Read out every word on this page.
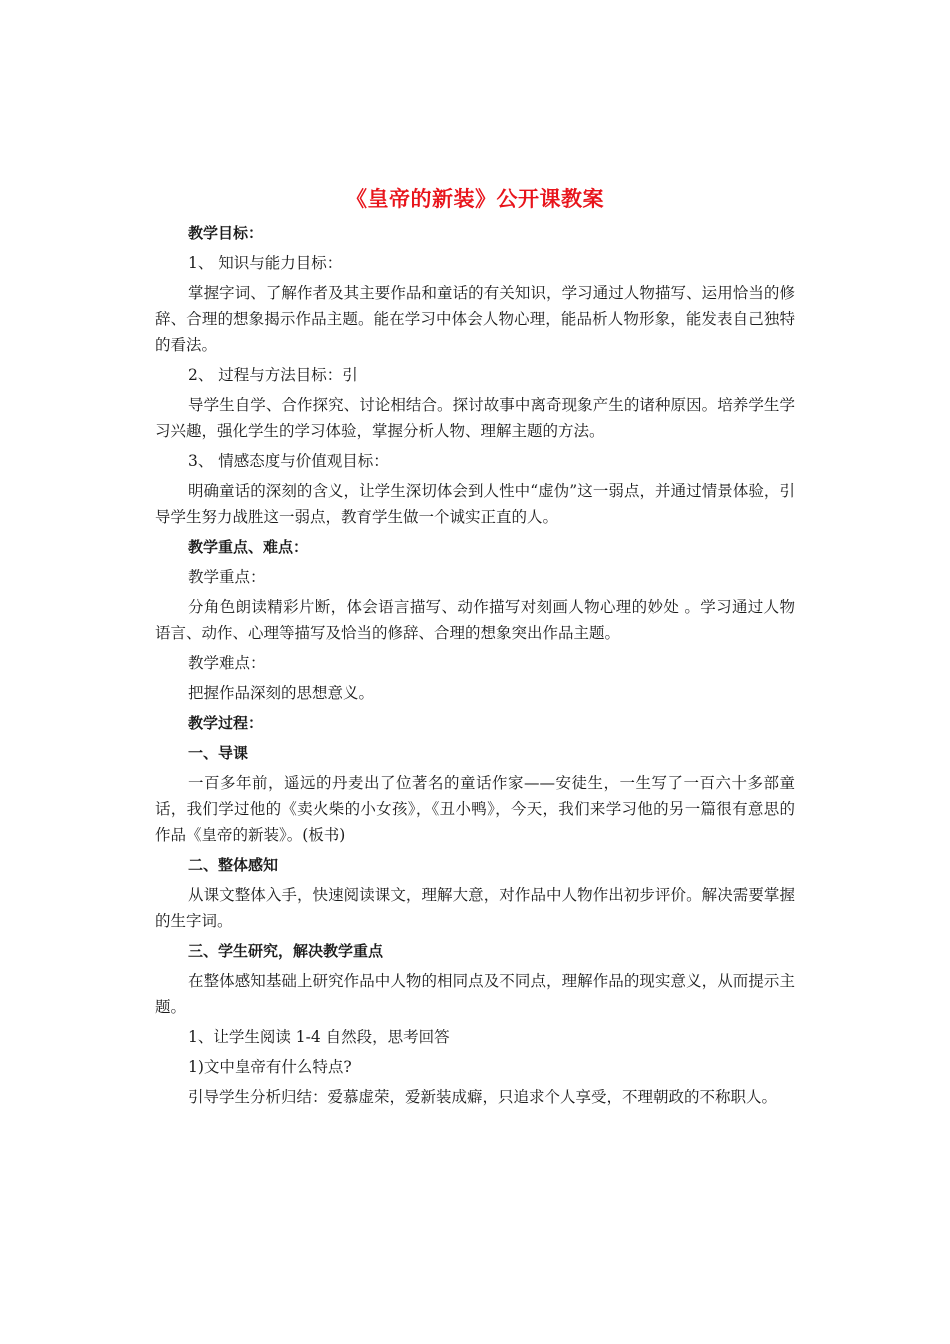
《皇帝的新装》公开课教案
教学目标：
1、 知识与能力目标：

掌握字词、了解作者及其主要作品和童话的有关知识，学习通过人物描写、运用恰当的修辞、合理的想象揭示作品主题。能在学习中体会人物心理，能品析人物形象，能发表自己独特的看法。

2、 过程与方法目标：引

导学生自学、合作探究、讨论相结合。探讨故事中离奇现象产生的诸种原因。培养学生学习兴趣，强化学生的学习体验，掌握分析人物、理解主题的方法。

3、 情感态度与价值观目标：

明确童话的深刻的含义，让学生深切体会到人性中“虚伪”这一弱点，并通过情景体验，引导学生努力战胜这一弱点，教育学生做一个诚实正直的人。

教学重点、难点：
教学重点：

分角色朗读精彩片断，体会语言描写、动作描写对刻画人物心理的妙处 。学习通过人物语言、动作、心理等描写及恰当的修辞、合理的想象突出作品主题。

教学难点：

把握作品深刻的思想意义。

教学过程：
一、导课

一百多年前，遥远的丹麦出了位著名的童话作家——安徒生，一生写了一百六十多部童话，我们学过他的《卖火柴的小女孩》，《丑小鸭》，今天，我们来学习他的另一篇很有意思的作品《皇帝的新装》。(板书)

二、整体感知

从课文整体入手，快速阅读课文，理解大意，对作品中人物作出初步评价。解决需要掌握的生字词。

三、学生研究，解决教学重点

在整体感知基础上研究作品中人物的相同点及不同点，理解作品的现实意义，从而提示主题。

1、让学生阅读 1-4 自然段，思考回答
1)文中皇帝有什么特点?

引导学生分析归结：爱慕虚荣，爱新装成癖，只追求个人享受，不理朝政的不称职人。
